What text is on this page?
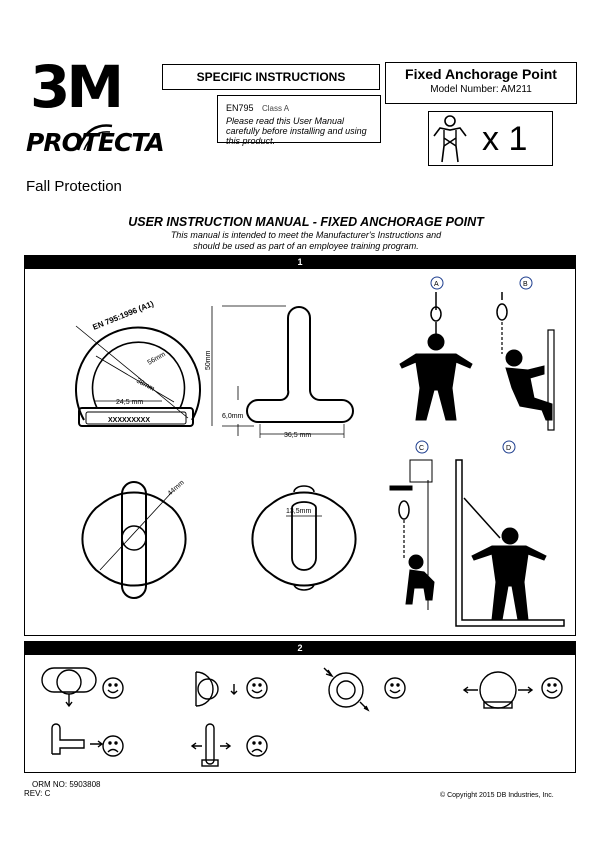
3M
PROTECTA
Fall Protection
SPECIFIC INSTRUCTIONS
EN795 Class A
Please read this User Manual carefully before installing and using this product.
Fixed Anchorage Point
Model Number: AM211
x 1
USER INSTRUCTION MANUAL - FIXED ANCHORAGE POINT
This manual is intended to meet the Manufacturer's Instructions and
should be used as part of an employee training program.
1
EN 795:1996 (A1)
XXXXXXXXX
56mm
38mm
24,5 mm
50mm
6,0mm
36,5 mm
44mm
13,5mm
A	B
C	D
2
ORM NO: 5903808
REV: C	© Copyright 2015 DB Industries, Inc.
